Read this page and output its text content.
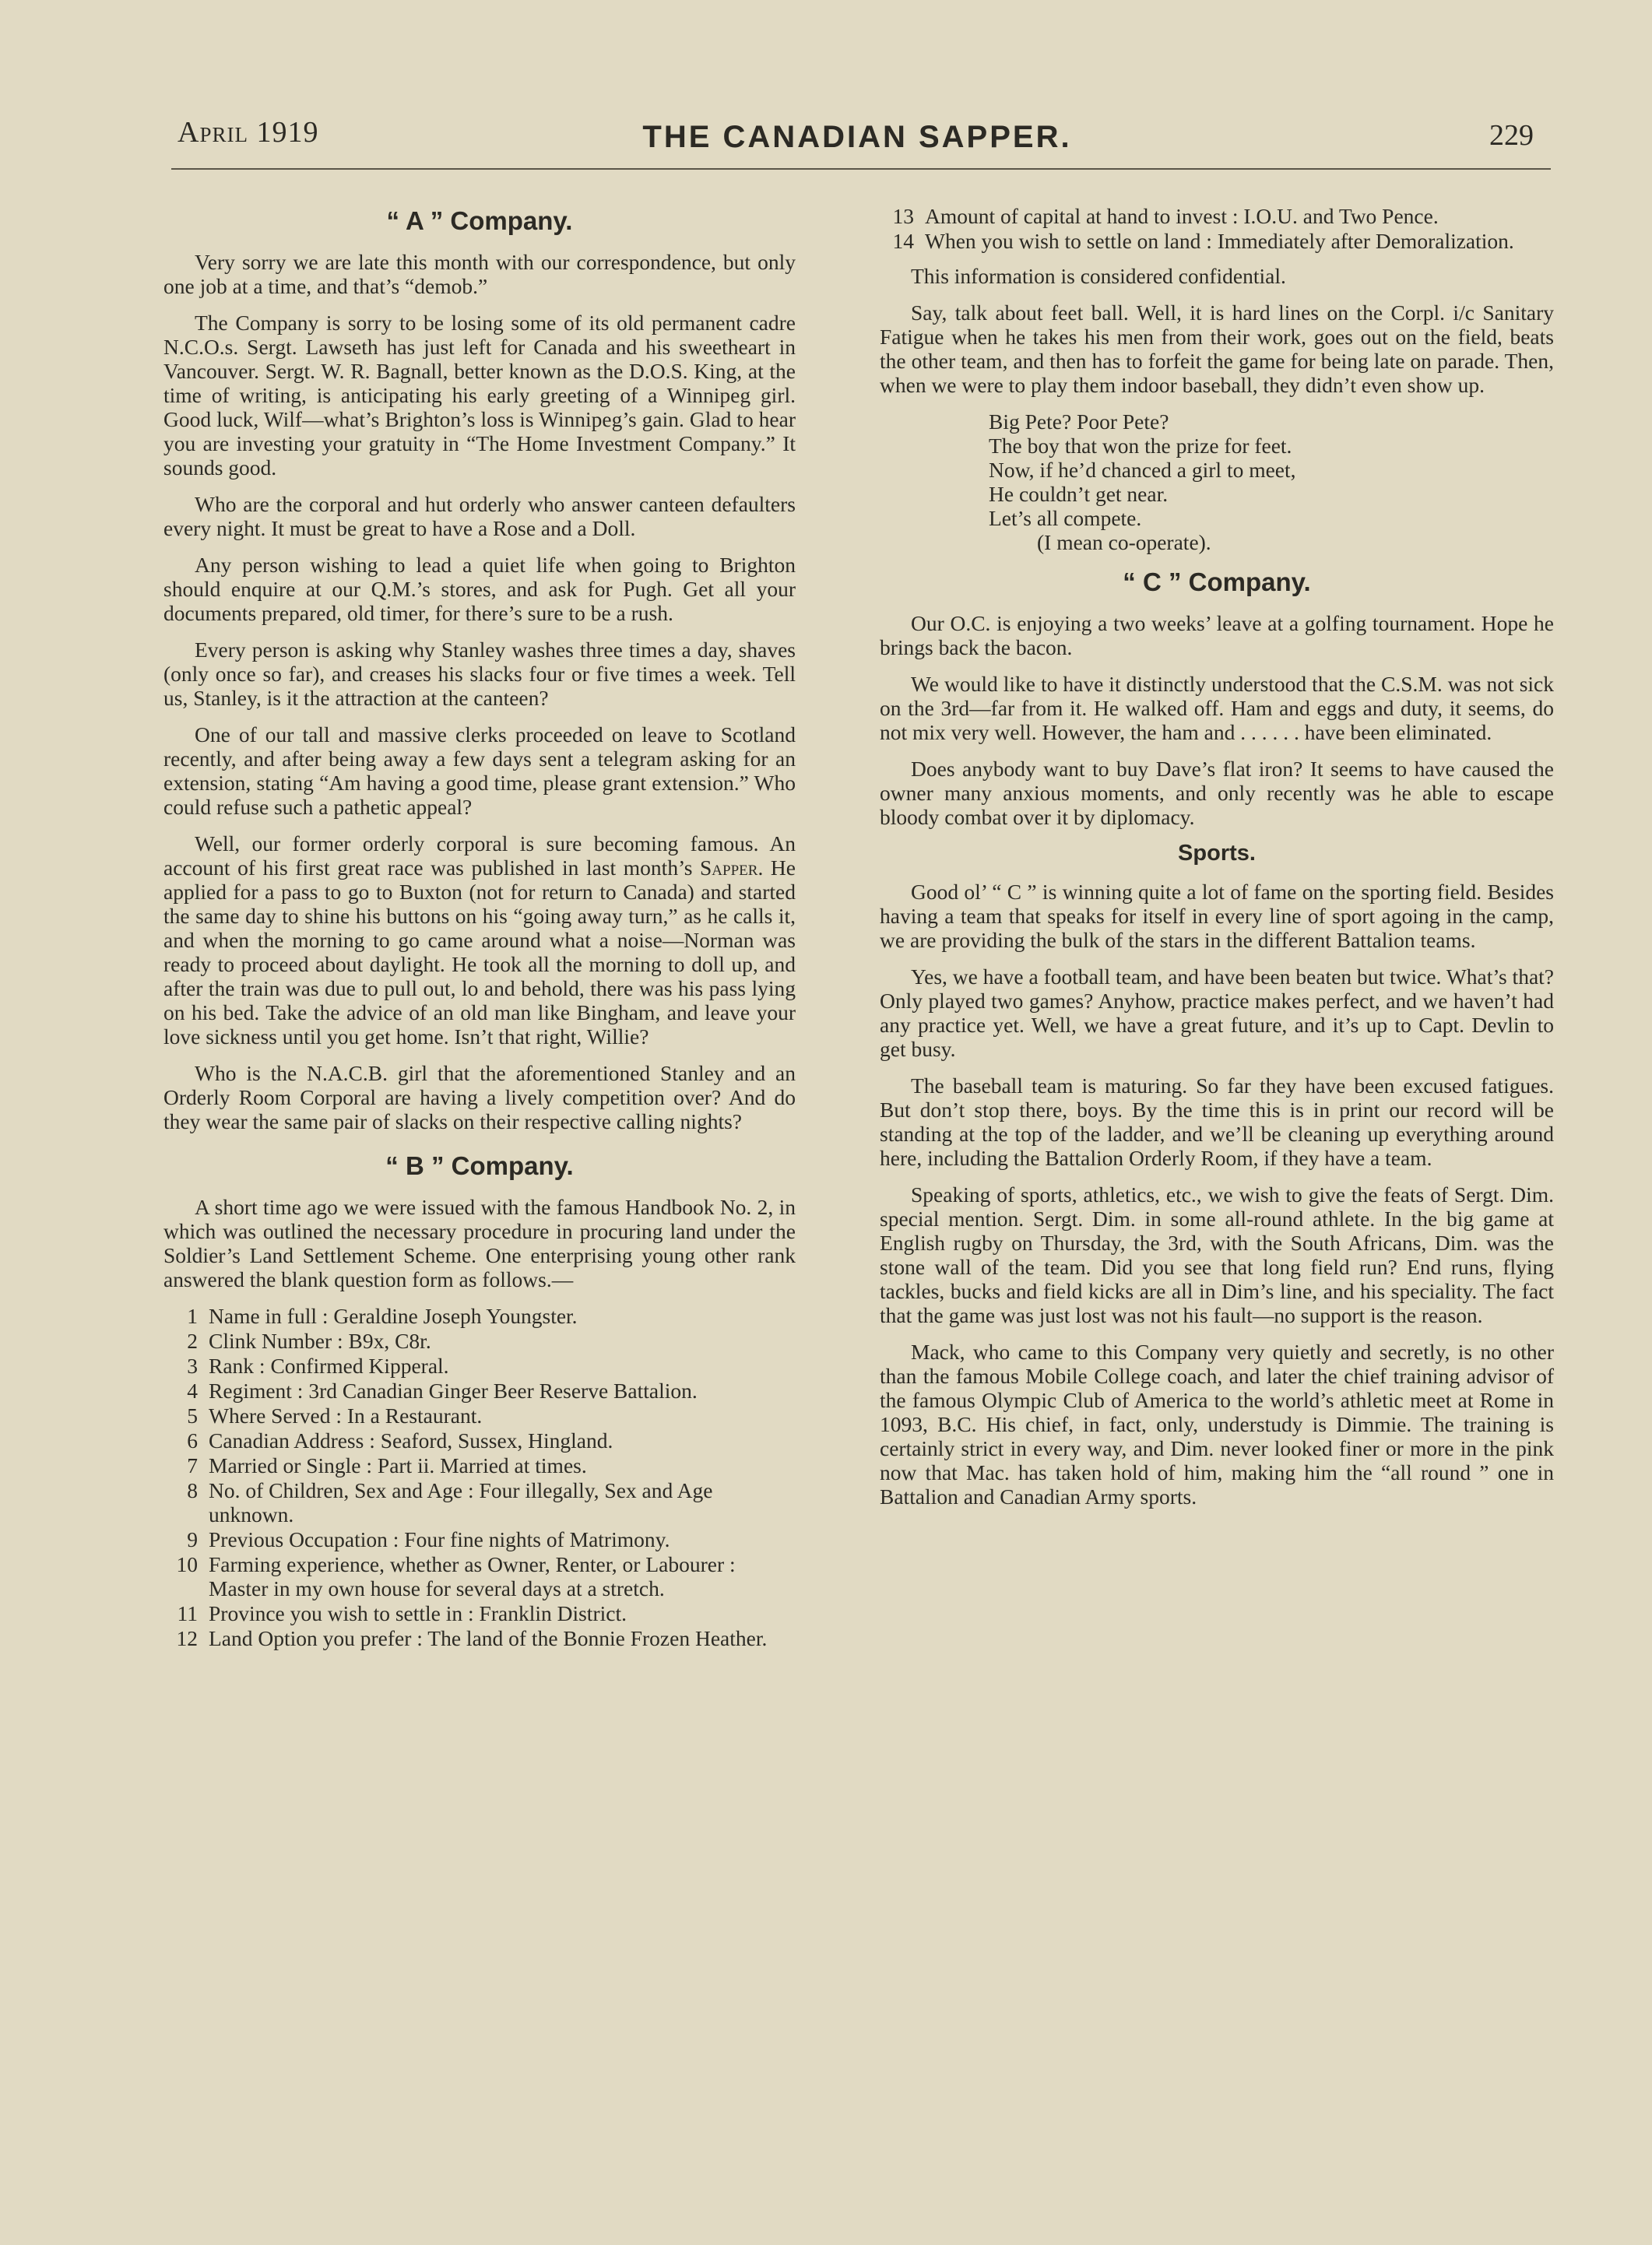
April 1919	THE CANADIAN SAPPER.	229
“ A ” Company.

Very sorry we are late this month with our correspondence, but only one job at a time, and that’s “demob.”

The Company is sorry to be losing some of its old permanent cadre N.C.O.s. Sergt. Lawseth has just left for Canada and his sweetheart in Vancouver. Sergt. W. R. Bagnall, better known as the D.O.S. King, at the time of writing, is anticipating his early greeting of a Winnipeg girl. Good luck, Wilf—what’s Brighton’s loss is Winnipeg’s gain. Glad to hear you are investing your gratuity in “The Home Investment Company.” It sounds good.

Who are the corporal and hut orderly who answer canteen defaulters every night. It must be great to have a Rose and a Doll.

Any person wishing to lead a quiet life when going to Brighton should enquire at our Q.M.’s stores, and ask for Pugh. Get all your documents prepared, old timer, for there’s sure to be a rush.

Every person is asking why Stanley washes three times a day, shaves (only once so far), and creases his slacks four or five times a week. Tell us, Stanley, is it the attraction at the canteen?

One of our tall and massive clerks proceeded on leave to Scotland recently, and after being away a few days sent a telegram asking for an extension, stating “Am having a good time, please grant extension.” Who could refuse such a pathetic appeal?

Well, our former orderly corporal is sure becoming famous. An account of his first great race was published in last month’s Sapper. He applied for a pass to go to Buxton (not for return to Canada) and started the same day to shine his buttons on his “going away turn,” as he calls it, and when the morning to go came around what a noise—Norman was ready to proceed about daylight. He took all the morning to doll up, and after the train was due to pull out, lo and behold, there was his pass lying on his bed. Take the advice of an old man like Bingham, and leave your love sickness until you get home. Isn’t that right, Willie?

Who is the N.A.C.B. girl that the aforementioned Stanley and an Orderly Room Corporal are having a lively competition over? And do they wear the same pair of slacks on their respective calling nights?

“ B ” Company.

A short time ago we were issued with the famous Handbook No. 2, in which was outlined the necessary procedure in procuring land under the Soldier’s Land Settlement Scheme. One enterprising young other rank answered the blank question form as follows.—

1 Name in full : Geraldine Joseph Youngster.
2 Clink Number : B9x, C8r.
3 Rank : Confirmed Kipperal.
4 Regiment : 3rd Canadian Ginger Beer Reserve Battalion.
5 Where Served : In a Restaurant.
6 Canadian Address : Seaford, Sussex, Hingland.
7 Married or Single : Part ii. Married at times.
8 No. of Children, Sex and Age : Four illegally, Sex and Age unknown.
9 Previous Occupation : Four fine nights of Matrimony.
10 Farming experience, whether as Owner, Renter, or Labourer : Master in my own house for several days at a stretch.
11 Province you wish to settle in : Franklin District.
12 Land Option you prefer : The land of the Bonnie Frozen Heather.
13 Amount of capital at hand to invest : I.O.U. and Two Pence.
14 When you wish to settle on land : Immediately after Demoralization.

This information is considered confidential.

Say, talk about feet ball. Well, it is hard lines on the Corpl. i/c Sanitary Fatigue when he takes his men from their work, goes out on the field, beats the other team, and then has to forfeit the game for being late on parade. Then, when we were to play them indoor baseball, they didn’t even show up.

Big Pete? Poor Pete?
The boy that won the prize for feet.
Now, if he’d chanced a girl to meet,
He couldn’t get near.
Let’s all compete.
(I mean co-operate).
“ C ” Company.

Our O.C. is enjoying a two weeks’ leave at a golfing tournament. Hope he brings back the bacon.

We would like to have it distinctly understood that the C.S.M. was not sick on the 3rd—far from it. He walked off. Ham and eggs and duty, it seems, do not mix very well. However, the ham and . . . . . . have been eliminated.

Does anybody want to buy Dave’s flat iron? It seems to have caused the owner many anxious moments, and only recently was he able to escape bloody combat over it by diplomacy.

Sports.

Good ol’ “ C ” is winning quite a lot of fame on the sporting field. Besides having a team that speaks for itself in every line of sport agoing in the camp, we are providing the bulk of the stars in the different Battalion teams.

Yes, we have a football team, and have been beaten but twice. What’s that? Only played two games? Anyhow, practice makes perfect, and we haven’t had any practice yet. Well, we have a great future, and it’s up to Capt. Devlin to get busy.

The baseball team is maturing. So far they have been excused fatigues. But don’t stop there, boys. By the time this is in print our record will be standing at the top of the ladder, and we’ll be cleaning up everything around here, including the Battalion Orderly Room, if they have a team.

Speaking of sports, athletics, etc., we wish to give the feats of Sergt. Dim. special mention. Sergt. Dim. in some all-round athlete. In the big game at English rugby on Thursday, the 3rd, with the South Africans, Dim. was the stone wall of the team. Did you see that long field run? End runs, flying tackles, bucks and field kicks are all in Dim’s line, and his speciality. The fact that the game was just lost was not his fault—no support is the reason.

Mack, who came to this Company very quietly and secretly, is no other than the famous Mobile College coach, and later the chief training advisor of the famous Olympic Club of America to the world’s athletic meet at Rome in 1093, B.C. His chief, in fact, only, understudy is Dimmie. The training is certainly strict in every way, and Dim. never looked finer or more in the pink now that Mac. has taken hold of him, making him the “all round ” one in Battalion and Canadian Army sports.
